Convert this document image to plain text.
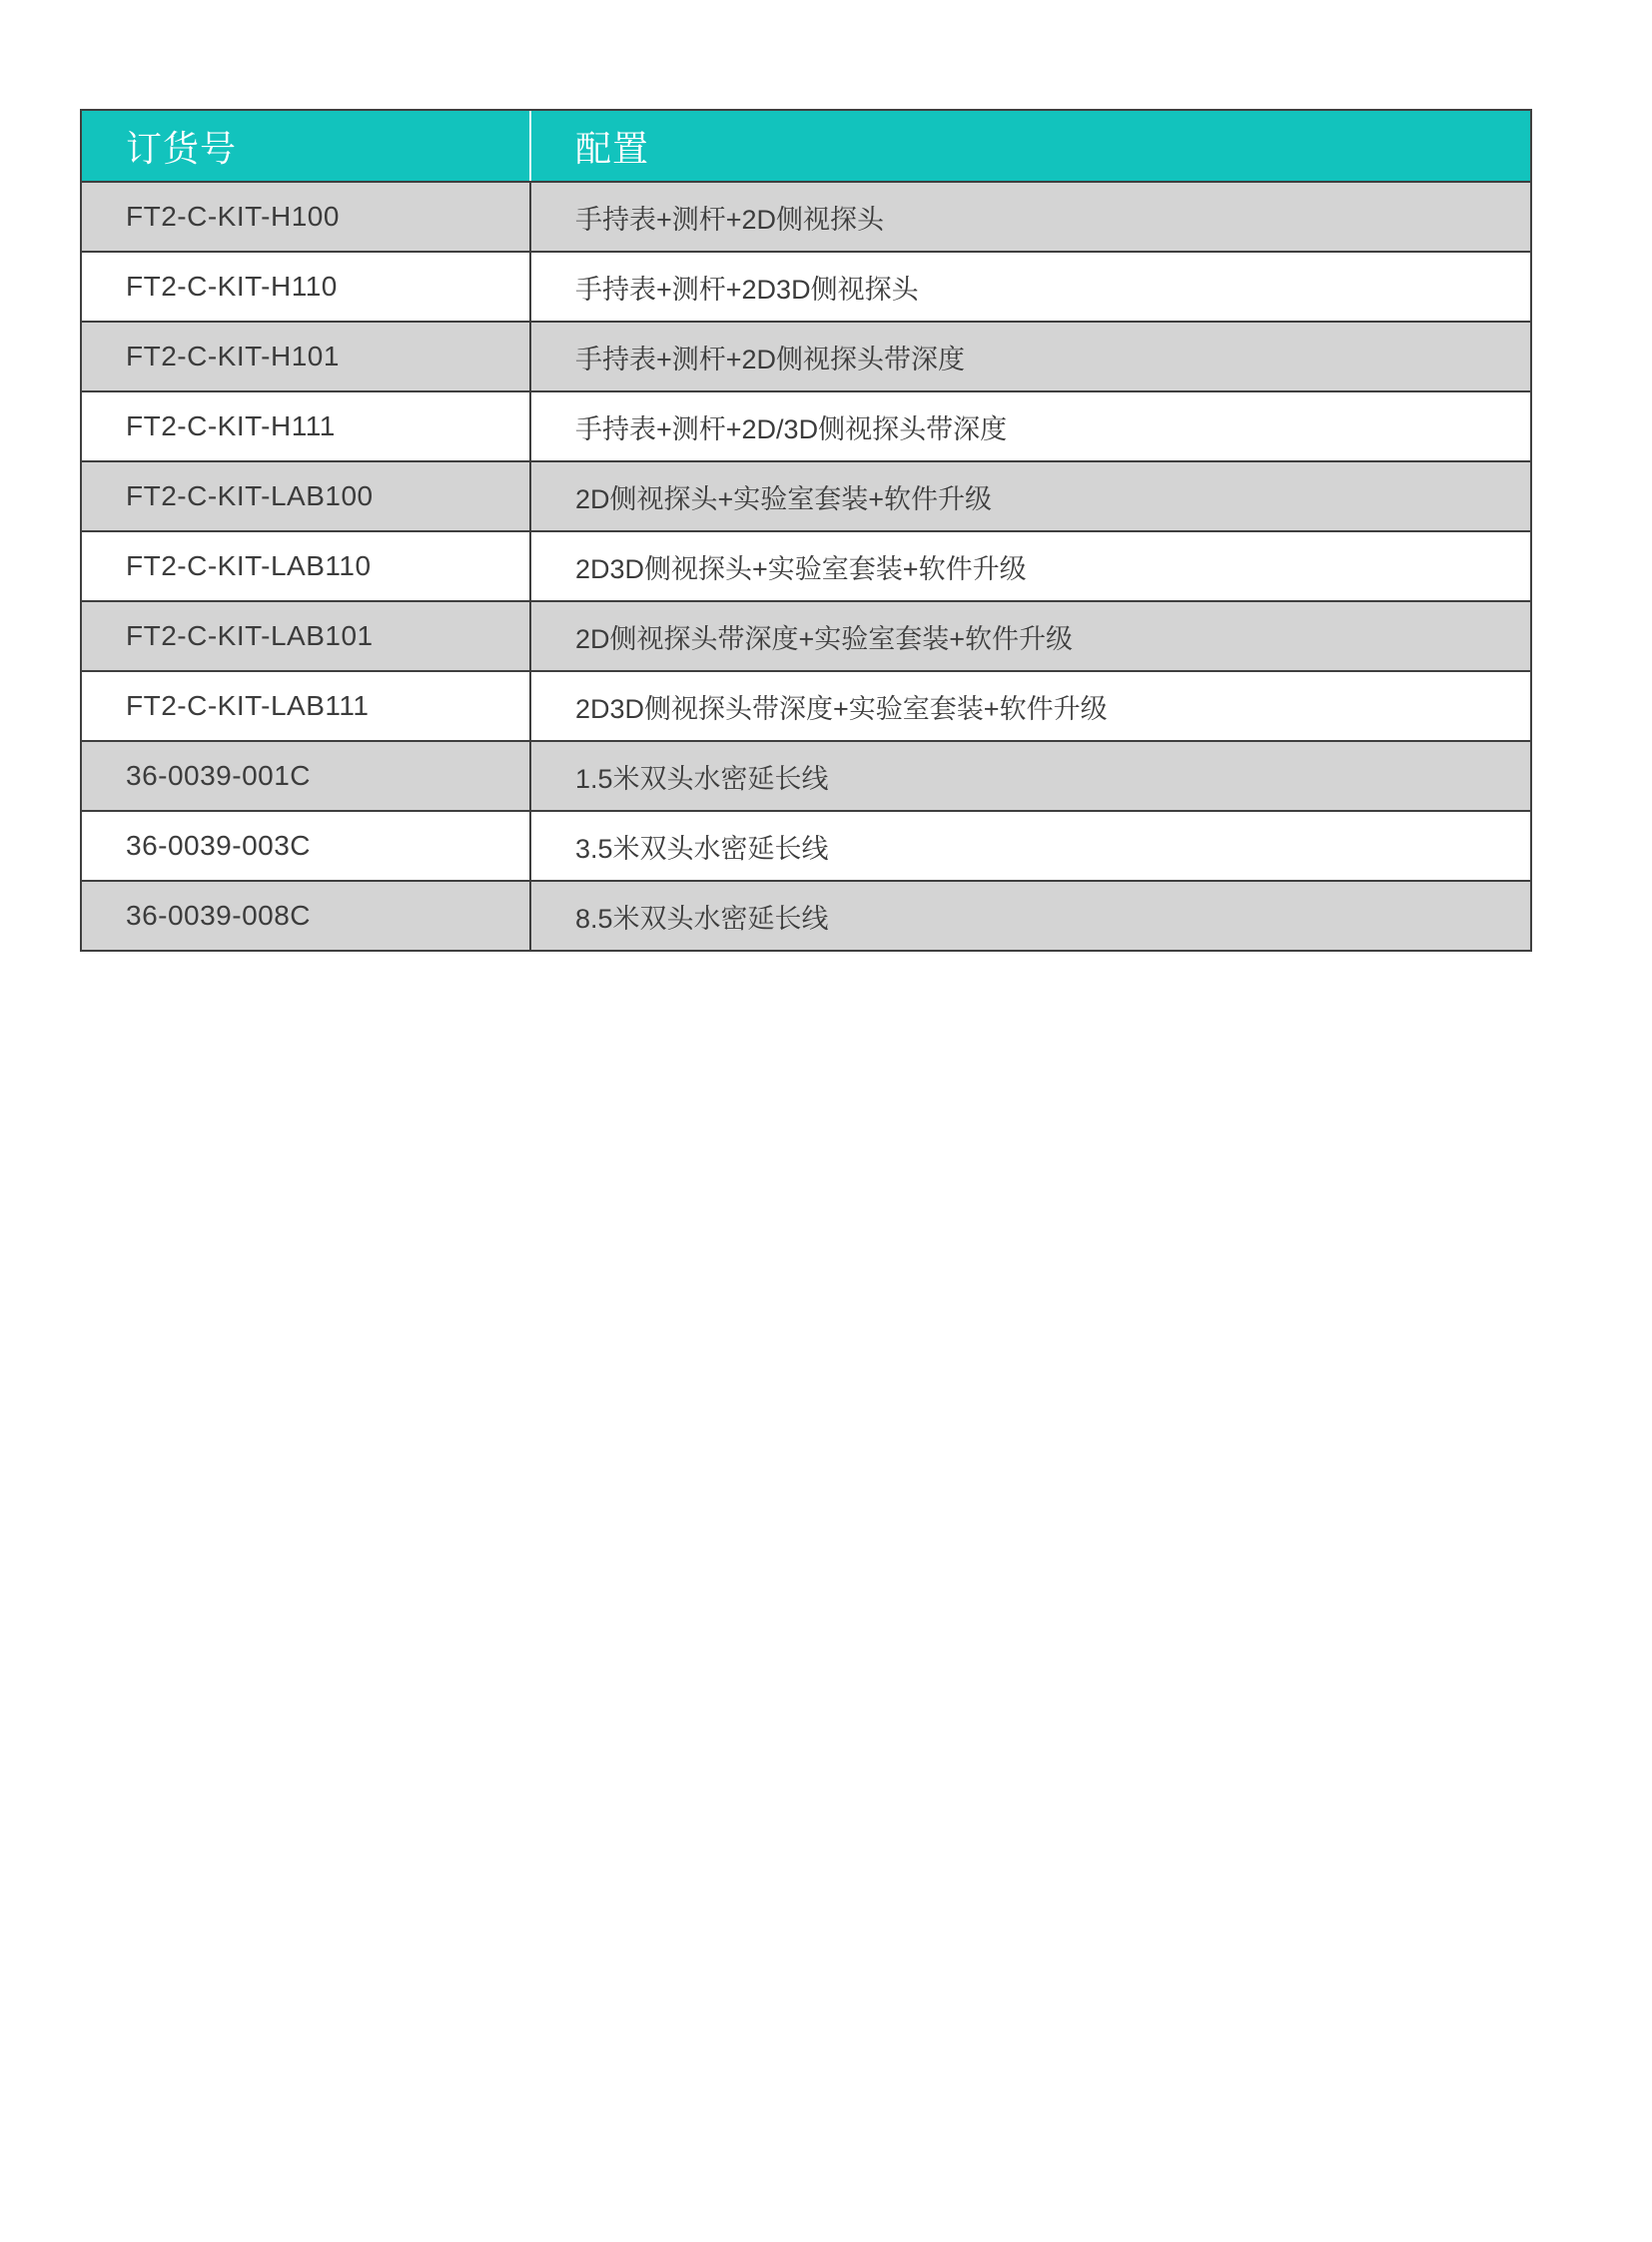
订货号	配置
FT2-C-KIT-H100	手持表+测杆+2D侧视探头
FT2-C-KIT-H110	手持表+测杆+2D3D侧视探头
FT2-C-KIT-H101	手持表+测杆+2D侧视探头带深度
FT2-C-KIT-H111	手持表+测杆+2D/3D侧视探头带深度
FT2-C-KIT-LAB100	2D侧视探头+实验室套装+软件升级
FT2-C-KIT-LAB110	2D3D侧视探头+实验室套装+软件升级
FT2-C-KIT-LAB101	2D侧视探头带深度+实验室套装+软件升级
FT2-C-KIT-LAB111	2D3D侧视探头带深度+实验室套装+软件升级
36-0039-001C	1.5米双头水密延长线
36-0039-003C	3.5米双头水密延长线
36-0039-008C	8.5米双头水密延长线
